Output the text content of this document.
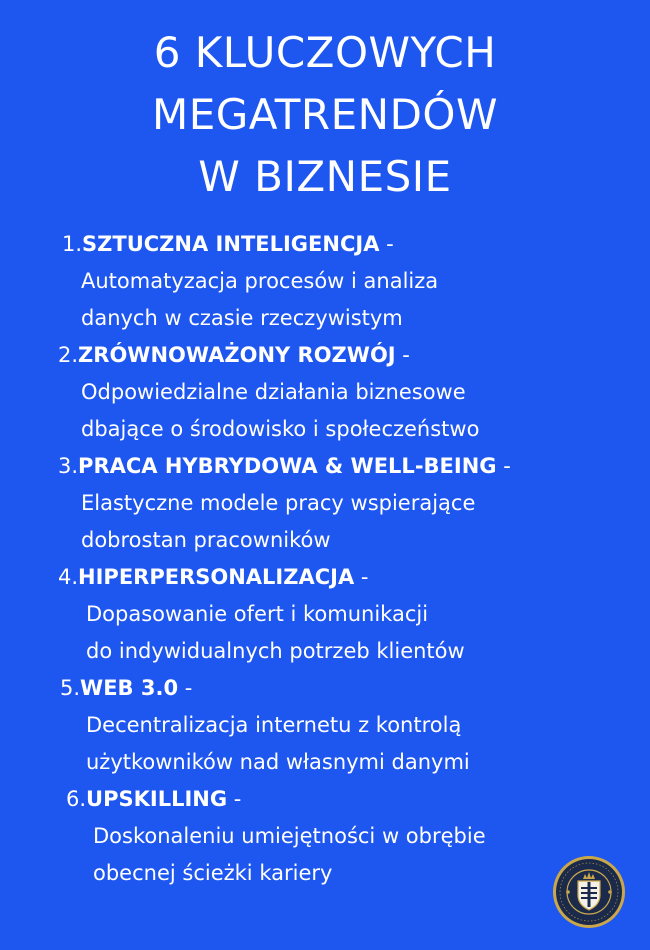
6 KLUCZOWYCH
MEGATRENDÓW
W BIZNESIE
1.SZTUCZNA INTELIGENCJA -
Automatyzacja procesów i analiza
danych w czasie rzeczywistym
2.ZRÓWNOWAŻONY ROZWÓJ -
Odpowiedzialne działania biznesowe
dbające o środowisko i społeczeństwo
3.PRACA HYBRYDOWA & WELL-BEING -
Elastyczne modele pracy wspierające
dobrostan pracowników
4.HIPERPERSONALIZACJA -
Dopasowanie ofert i komunikacji
do indywidualnych potrzeb klientów
5.WEB 3.0 -
Decentralizacja internetu z kontrolą
użytkowników nad własnymi danymi
6.UPSKILLING -
Doskonaleniu umiejętności w obrębie
obecnej ścieżki kariery
